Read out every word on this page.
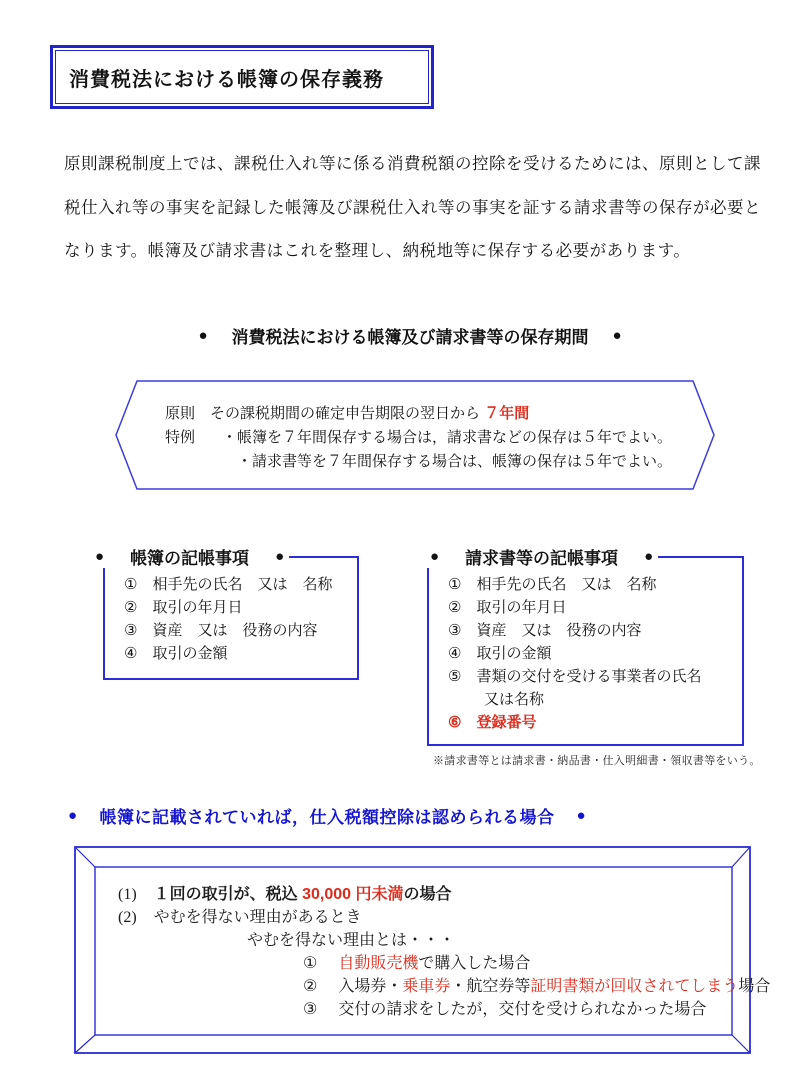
消費税法における帳簿の保存義務
原則課税制度上では、課税仕入れ等に係る消費税額の控除を受けるためには、原則として課
税仕入れ等の事実を記録した帳簿及び課税仕入れ等の事実を証する請求書等の保存が必要と
なります。帳簿及び請求書はこれを整理し、納税地等に保存する必要があります。
● 消費税法における帳簿及び請求書等の保存期間 ●
原則 その課税期間の確定申告期限の翌日から ７年間
特例 ・帳簿を７年間保存する場合は，請求書などの保存は５年でよい。
・請求書等を７年間保存する場合は、帳簿の保存は５年でよい。
① 相手先の氏名　又は　名称
② 取引の年月日
③ 資産　又は　役務の内容
④ 取引の金額
● 帳簿の記帳事項 ●
① 相手先の氏名　又は　名称
② 取引の年月日
③ 資産　又は　役務の内容
④ 取引の金額
⑤ 書類の交付を受ける事業者の氏名
又は名称
⑥ 登録番号
● 請求書等の記帳事項 ●
※請求書等とは請求書・納品書・仕入明細書・領収書等をいう。
● 帳簿に記載されていれば，仕入税額控除は認められる場合 ●
(1) １回の取引が、税込 30,000 円未満の場合
(2) やむを得ない理由があるとき
やむを得ない理由とは・・・
① 自動販売機で購入した場合
② 入場券・乗車券・航空券等証明書類が回収されてしまう場合
③ 交付の請求をしたが，交付を受けられなかった場合
